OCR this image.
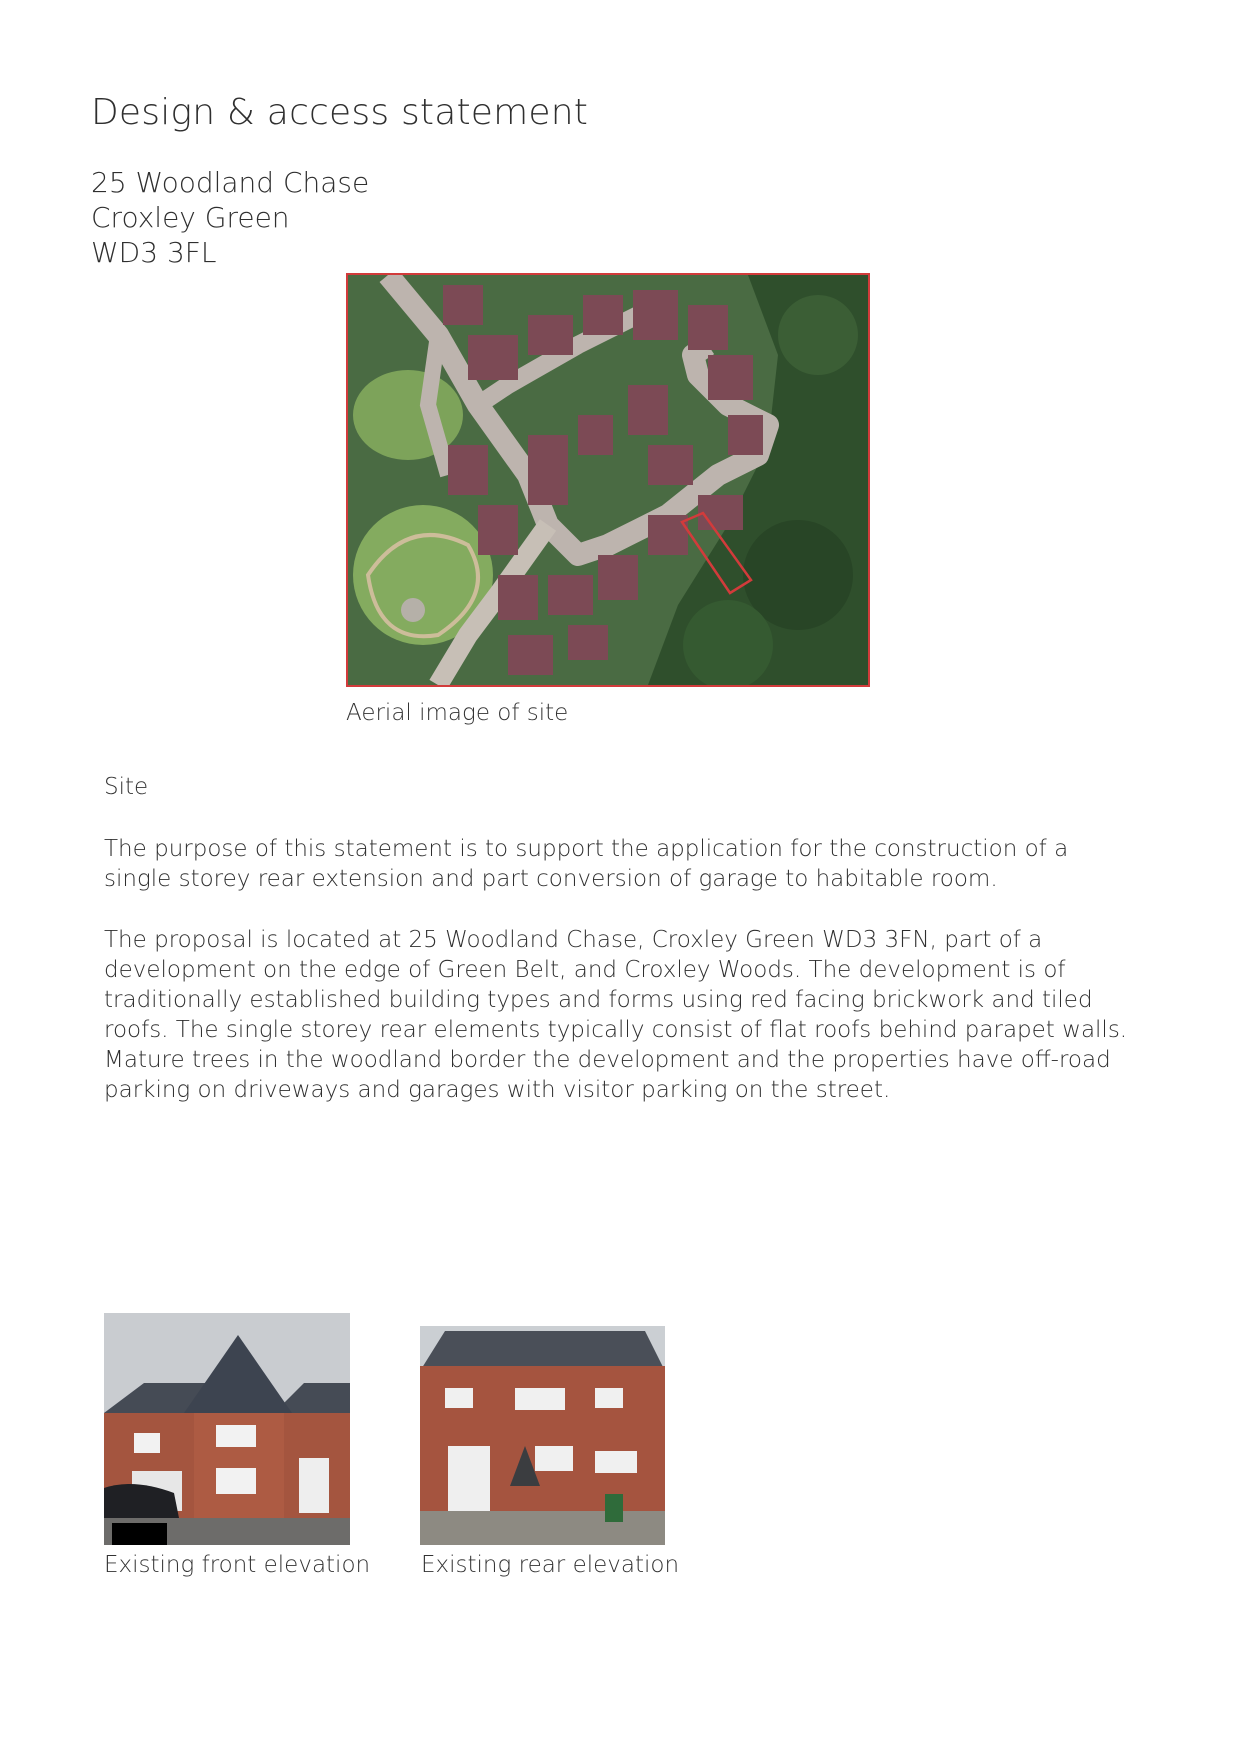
Design & access statement
25 Woodland Chase
Croxley Green
WD3 3FL
Aerial image of site
Site
The purpose of this statement is to support the application for the construction of a single storey rear extension and part conversion of garage to habitable room.
The proposal is located at 25 Woodland Chase, Croxley Green WD3 3FN, part of a development on the edge of Green Belt, and Croxley Woods. The development is of traditionally established building types and forms using red facing brickwork and tiled roofs. The single storey rear elements typically consist of flat roofs behind parapet walls. Mature trees in the woodland border the development and the properties have off-road parking on driveways and garages with visitor parking on the street.
Existing front elevation Existing rear elevation
